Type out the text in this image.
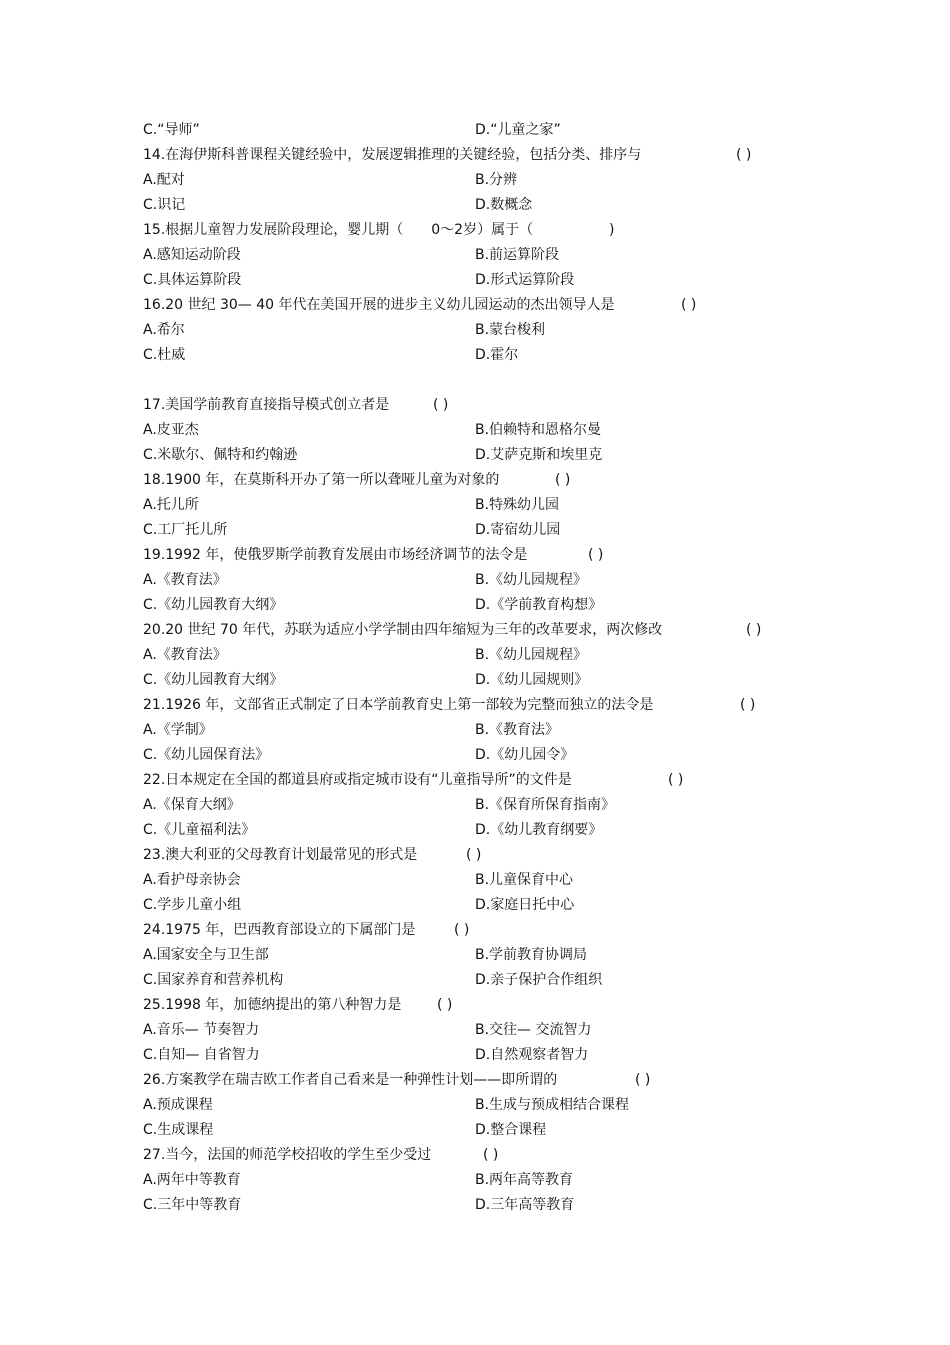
C.“导师”	D.“儿童之家”
14.在海伊斯科普课程关键经验中，发展逻辑推理的关键经验，包括分类、排序与	( )
A.配对	B.分辨
C.识记	D.数概念
15.根据儿童智力发展阶段理论，婴儿期（　　0～2岁）属于（	)
A.感知运动阶段	B.前运算阶段
C.具体运算阶段	D.形式运算阶段
16.20 世纪 30— 40 年代在美国开展的进步主义幼儿园运动的杰出领导人是	( )
A.希尔	B.蒙台梭利
C.杜威	D.霍尔
17.美国学前教育直接指导模式创立者是	( )
A.皮亚杰	B.伯赖特和恩格尔曼
C.米歇尔、佩特和约翰逊	D.艾萨克斯和埃里克
18.1900 年，在莫斯科开办了第一所以聋哑儿童为对象的	( )
A.托儿所	B.特殊幼儿园
C.工厂托儿所	D.寄宿幼儿园
19.1992 年，使俄罗斯学前教育发展由市场经济调节的法令是	( )
A.《教育法》	B.《幼儿园规程》
C.《幼儿园教育大纲》	D.《学前教育构想》
20.20 世纪 70 年代，苏联为适应小学学制由四年缩短为三年的改革要求，两次修改	( )
A.《教育法》	B.《幼儿园规程》
C.《幼儿园教育大纲》	D.《幼儿园规则》
21.1926 年，文部省正式制定了日本学前教育史上第一部较为完整而独立的法令是	( )
A.《学制》	B.《教育法》
C.《幼儿园保育法》	D.《幼儿园令》
22.日本规定在全国的都道县府或指定城市设有“儿童指导所”的文件是	( )
A.《保育大纲》	B.《保育所保育指南》
C.《儿童福利法》	D.《幼儿教育纲要》
23.澳大利亚的父母教育计划最常见的形式是	( )
A.看护母亲协会	B.儿童保育中心
C.学步儿童小组	D.家庭日托中心
24.1975 年，巴西教育部设立的下属部门是	( )
A.国家安全与卫生部	B.学前教育协调局
C.国家养育和营养机构	D.亲子保护合作组织
25.1998 年，加德纳提出的第八种智力是	( )
A.音乐— 节奏智力	B.交往— 交流智力
C.自知— 自省智力	D.自然观察者智力
26.方案教学在瑞吉欧工作者自己看来是一种弹性计划——即所谓的	( )
A.预成课程	B.生成与预成相结合课程
C.生成课程	D.整合课程
27.当今，法国的师范学校招收的学生至少受过	( )
A.两年中等教育	B.两年高等教育
C.三年中等教育	D.三年高等教育
